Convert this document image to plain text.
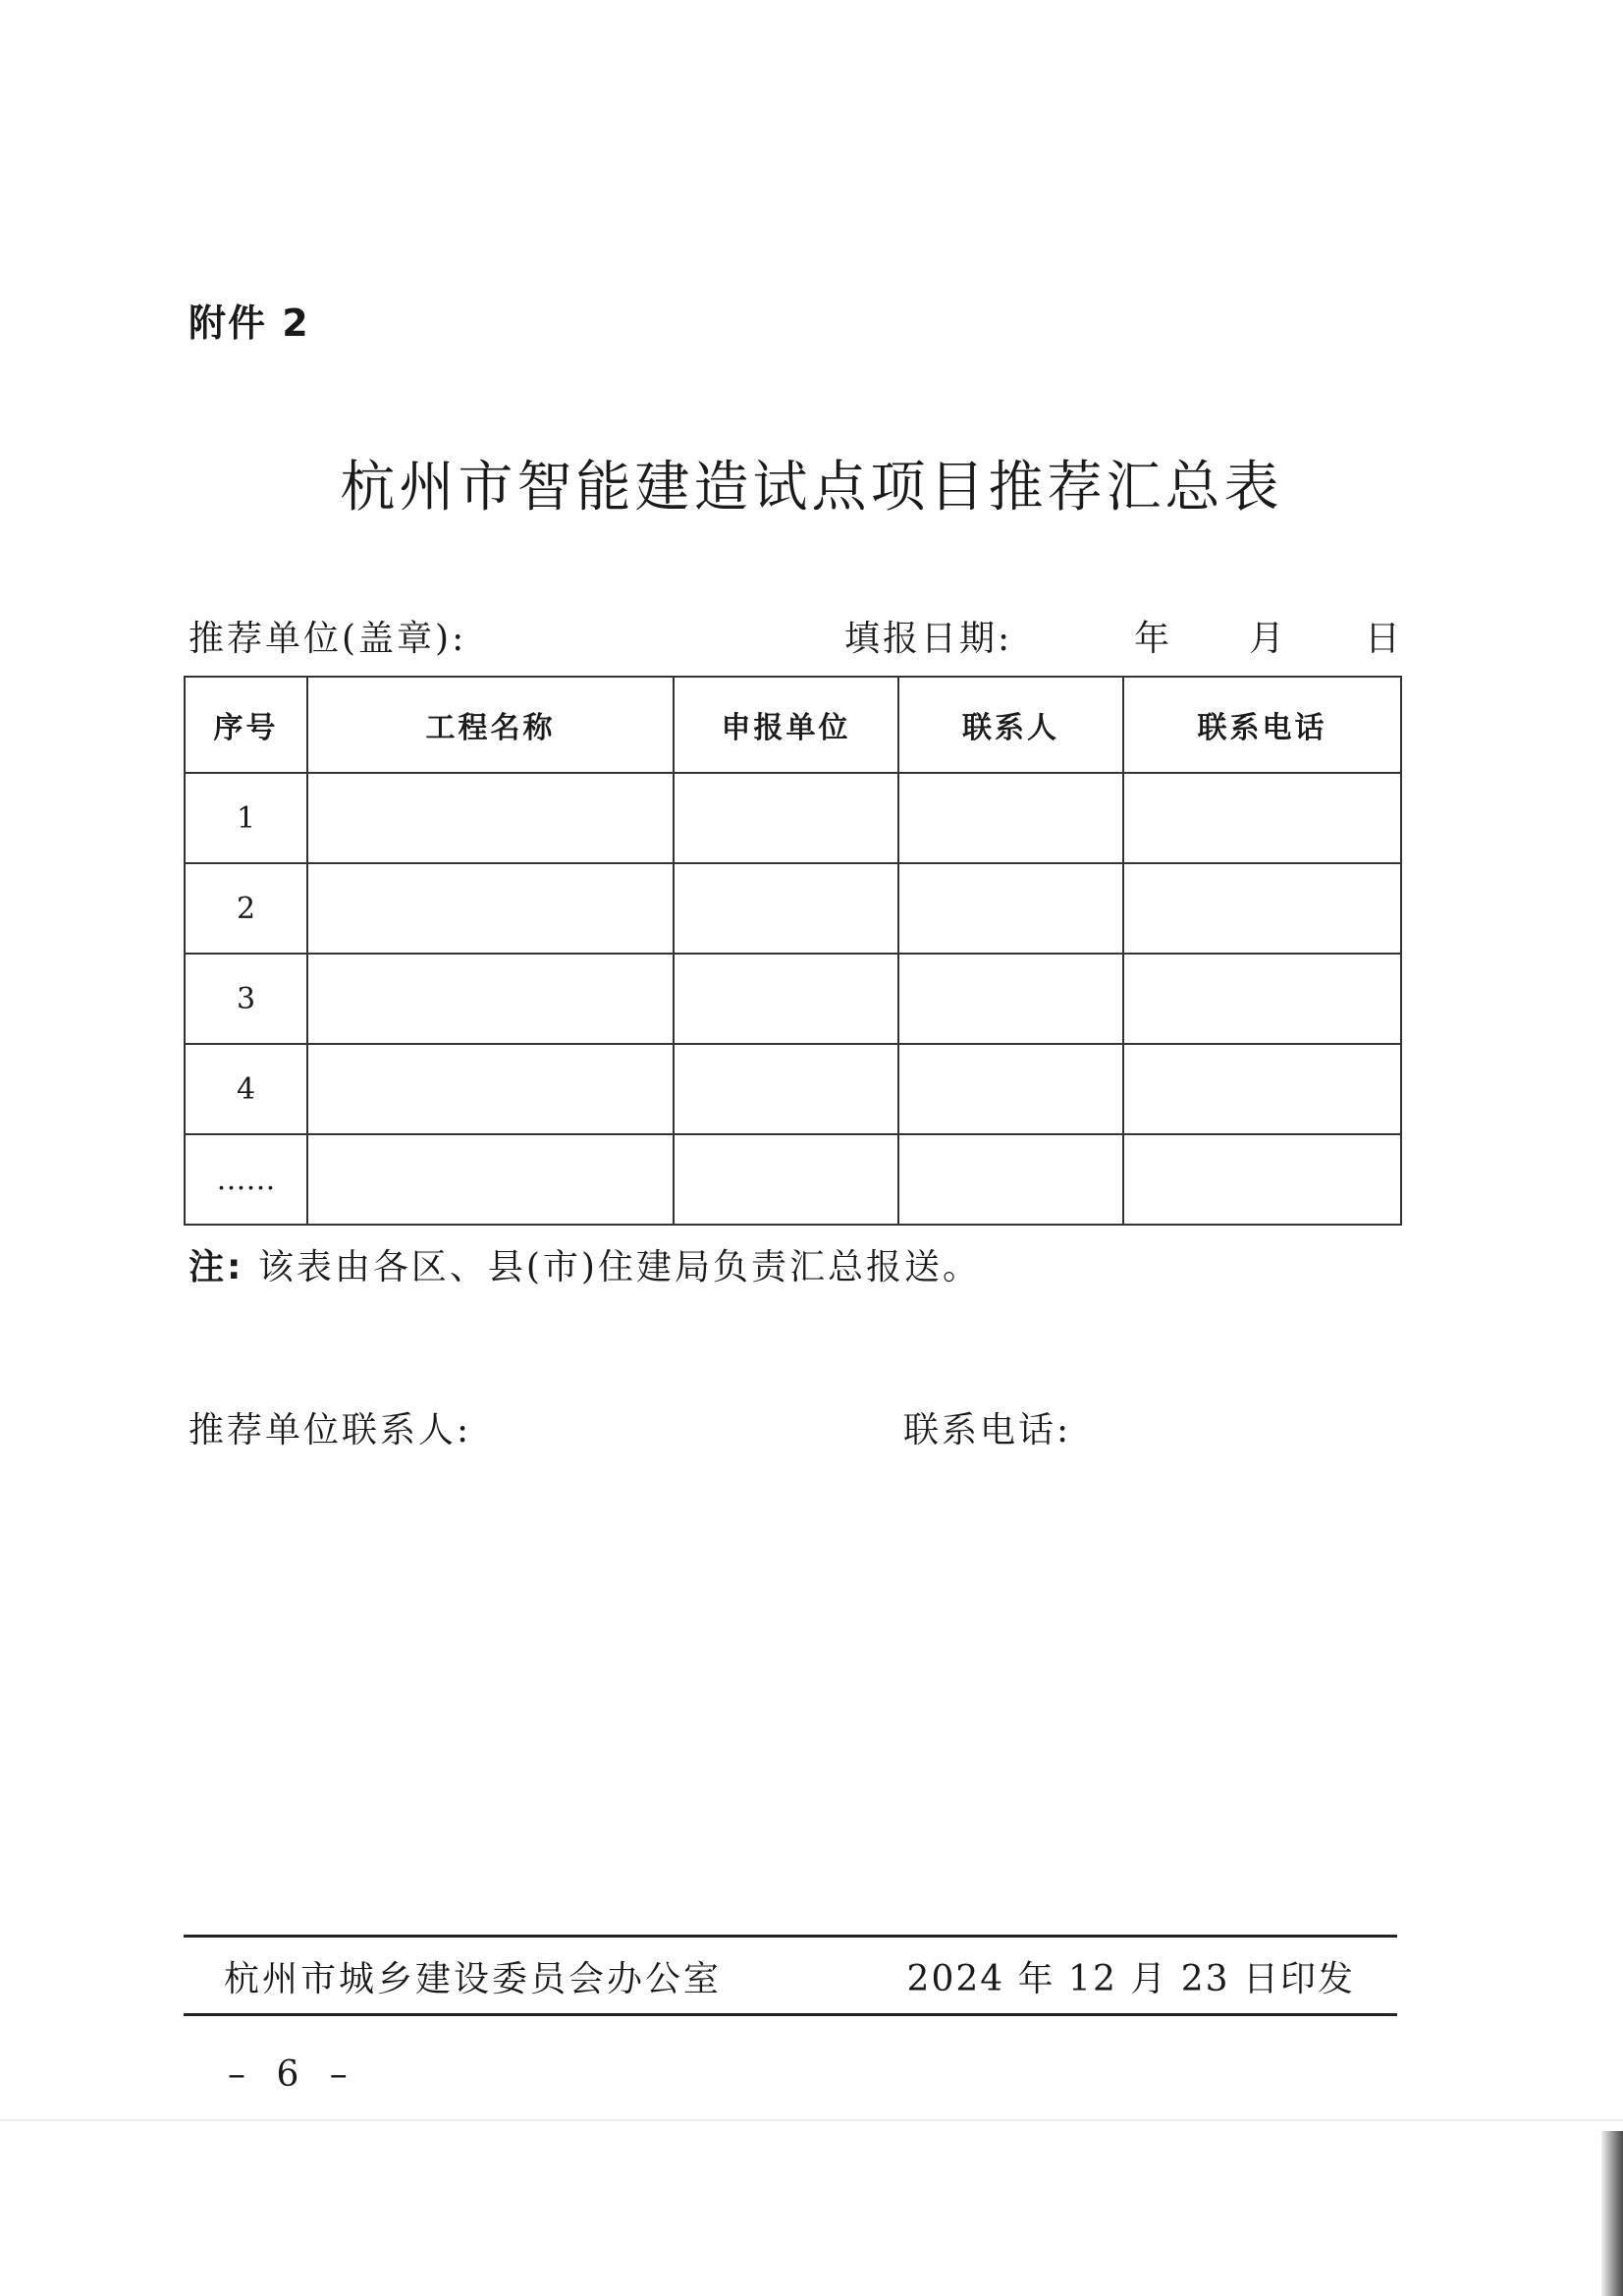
附件 2
杭州市智能建造试点项目推荐汇总表
推荐单位(盖章):	填报日期:	年 月 日
序号	工程名称	申报单位	联系人	联系电话
1				
2				
3				
4				
……				
注: 该表由各区、县(市)住建局负责汇总报送。
推荐单位联系人:	联系电话:
杭州市城乡建设委员会办公室	2024 年 12 月 23 日印发
– 6 –
